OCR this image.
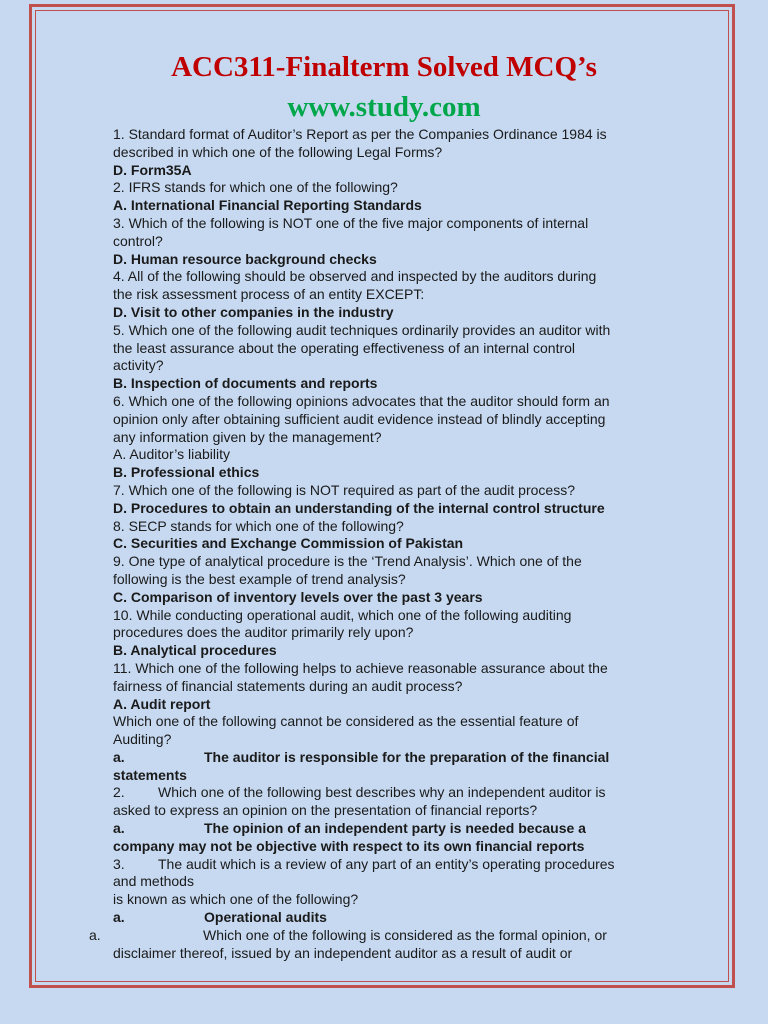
ACC311-Finalterm Solved MCQ’s
www.study.com
1. Standard format of Auditor’s Report as per the Companies Ordinance 1984 is
described in which one of the following Legal Forms?
D. Form35A
2. IFRS stands for which one of the following?
A. International Financial Reporting Standards
3. Which of the following is NOT one of the five major components of internal
control?
D. Human resource background checks
4. All of the following should be observed and inspected by the auditors during
the risk assessment process of an entity EXCEPT:
D. Visit to other companies in the industry
5. Which one of the following audit techniques ordinarily provides an auditor with
the least assurance about the operating effectiveness of an internal control
activity?
B. Inspection of documents and reports
6. Which one of the following opinions advocates that the auditor should form an
opinion only after obtaining sufficient audit evidence instead of blindly accepting
any information given by the management?
A. Auditor’s liability
B. Professional ethics
7. Which one of the following is NOT required as part of the audit process?
D. Procedures to obtain an understanding of the internal control structure
8. SECP stands for which one of the following?
C. Securities and Exchange Commission of Pakistan
9. One type of analytical procedure is the ‘Trend Analysis’. Which one of the
following is the best example of trend analysis?
C. Comparison of inventory levels over the past 3 years
10. While conducting operational audit, which one of the following auditing
procedures does the auditor primarily rely upon?
B. Analytical procedures
11. Which one of the following helps to achieve reasonable assurance about the
fairness of financial statements during an audit process?
A. Audit report
Which one of the following cannot be considered as the essential feature of
Auditing?
a.	The auditor is responsible for the preparation of the financial
statements
2. Which one of the following best describes why an independent auditor is
asked to express an opinion on the presentation of financial reports?
a.	The opinion of an independent party is needed because a
company may not be objective with respect to its own financial reports
3. The audit which is a review of any part of an entity’s operating procedures
and methods
is known as which one of the following?
a.	Operational audits
a.	Which one of the following is considered as the formal opinion, or
disclaimer thereof, issued by an independent auditor as a result of audit or
